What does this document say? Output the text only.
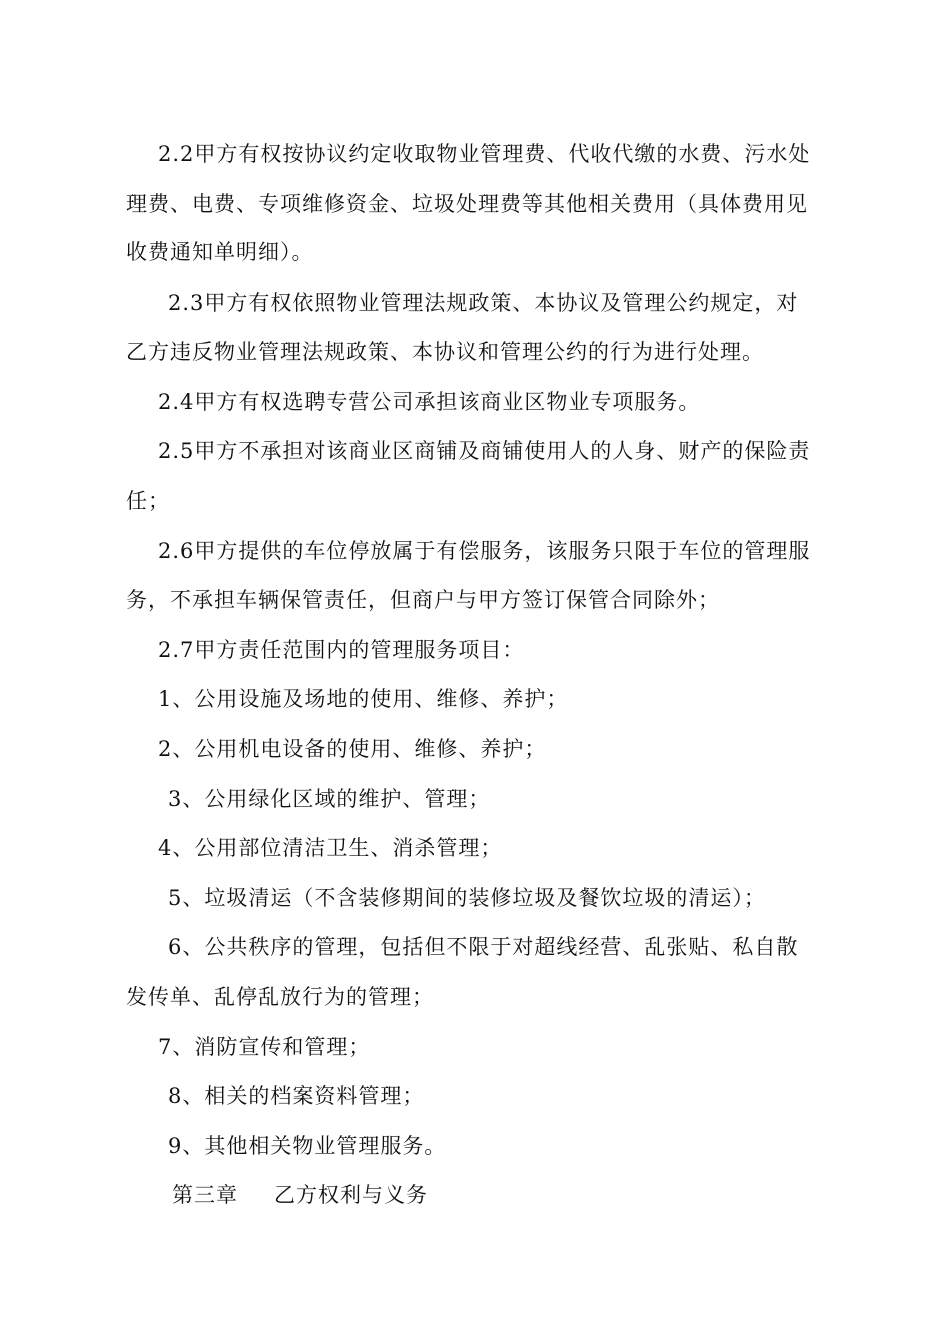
2.2甲方有权按协议约定收取物业管理费、代收代缴的水费、污水处
理费、电费、专项维修资金、垃圾处理费等其他相关费用（具体费用见
收费通知单明细）。
2.3甲方有权依照物业管理法规政策、本协议及管理公约规定，对
乙方违反物业管理法规政策、本协议和管理公约的行为进行处理。
2.4甲方有权选聘专营公司承担该商业区物业专项服务。
2.5甲方不承担对该商业区商铺及商铺使用人的人身、财产的保险责
任；
2.6甲方提供的车位停放属于有偿服务，该服务只限于车位的管理服
务，不承担车辆保管责任，但商户与甲方签订保管合同除外；
2.7甲方责任范围内的管理服务项目：
1、公用设施及场地的使用、维修、养护；
2、公用机电设备的使用、维修、养护；
3、公用绿化区域的维护、管理；
4、公用部位清洁卫生、消杀管理；
5、垃圾清运（不含装修期间的装修垃圾及餐饮垃圾的清运）；
6、公共秩序的管理，包括但不限于对超线经营、乱张贴、私自散
发传单、乱停乱放行为的管理；
7、消防宣传和管理；
8、相关的档案资料管理；
9、其他相关物业管理服务。
第三章 乙方权利与义务
